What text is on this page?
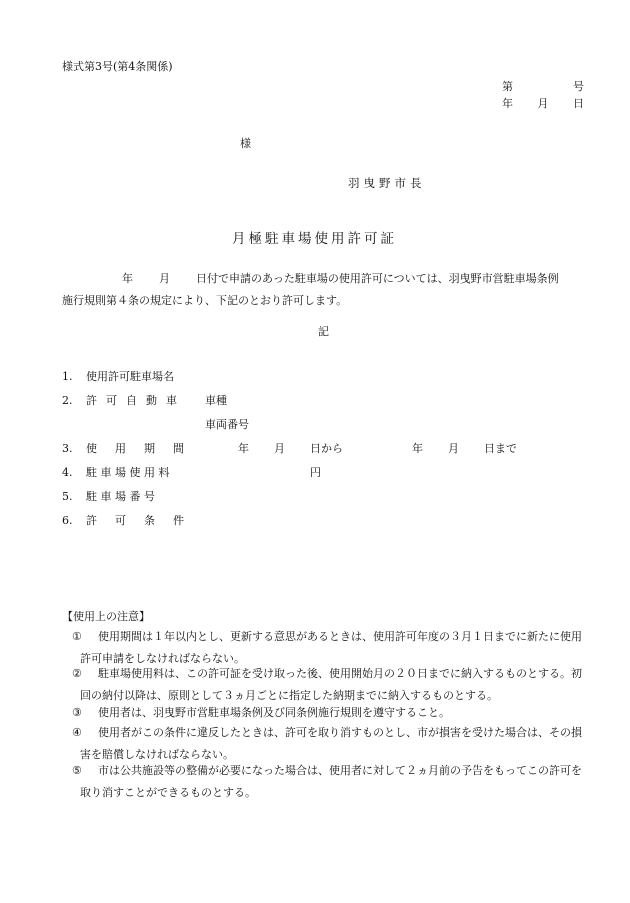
様式第3号(第4条関係)
第	号
年 月 日
様
羽曳野市長
月極駐車場使用許可証
年 月 日付で申請のあった駐車場の使用許可については、羽曳野市営駐車場条例
施行規則第４条の規定により、下記のとおり許可します。
記
1. 使用許可駐車場名
2. 許可自動車 車種
車両番号
3. 使用期間	年 月 日から	年 月 日まで
4. 駐車場使用料	円
5. 駐車場番号
6. 許可条件
【使用上の注意】
① 使用期間は１年以内とし、更新する意思があるときは、使用許可年度の３月１日までに新たに使用
許可申請をしなければならない。
② 駐車場使用料は、この許可証を受け取った後、使用開始月の２０日までに納入するものとする。初
回の納付以降は、原則として３ヵ月ごとに指定した納期までに納入するものとする。
③ 使用者は、羽曳野市営駐車場条例及び同条例施行規則を遵守すること。
④ 使用者がこの条件に違反したときは、許可を取り消すものとし、市が損害を受けた場合は、その損
害を賠償しなければならない。
⑤ 市は公共施設等の整備が必要になった場合は、使用者に対して２ヵ月前の予告をもってこの許可を
取り消すことができるものとする。
